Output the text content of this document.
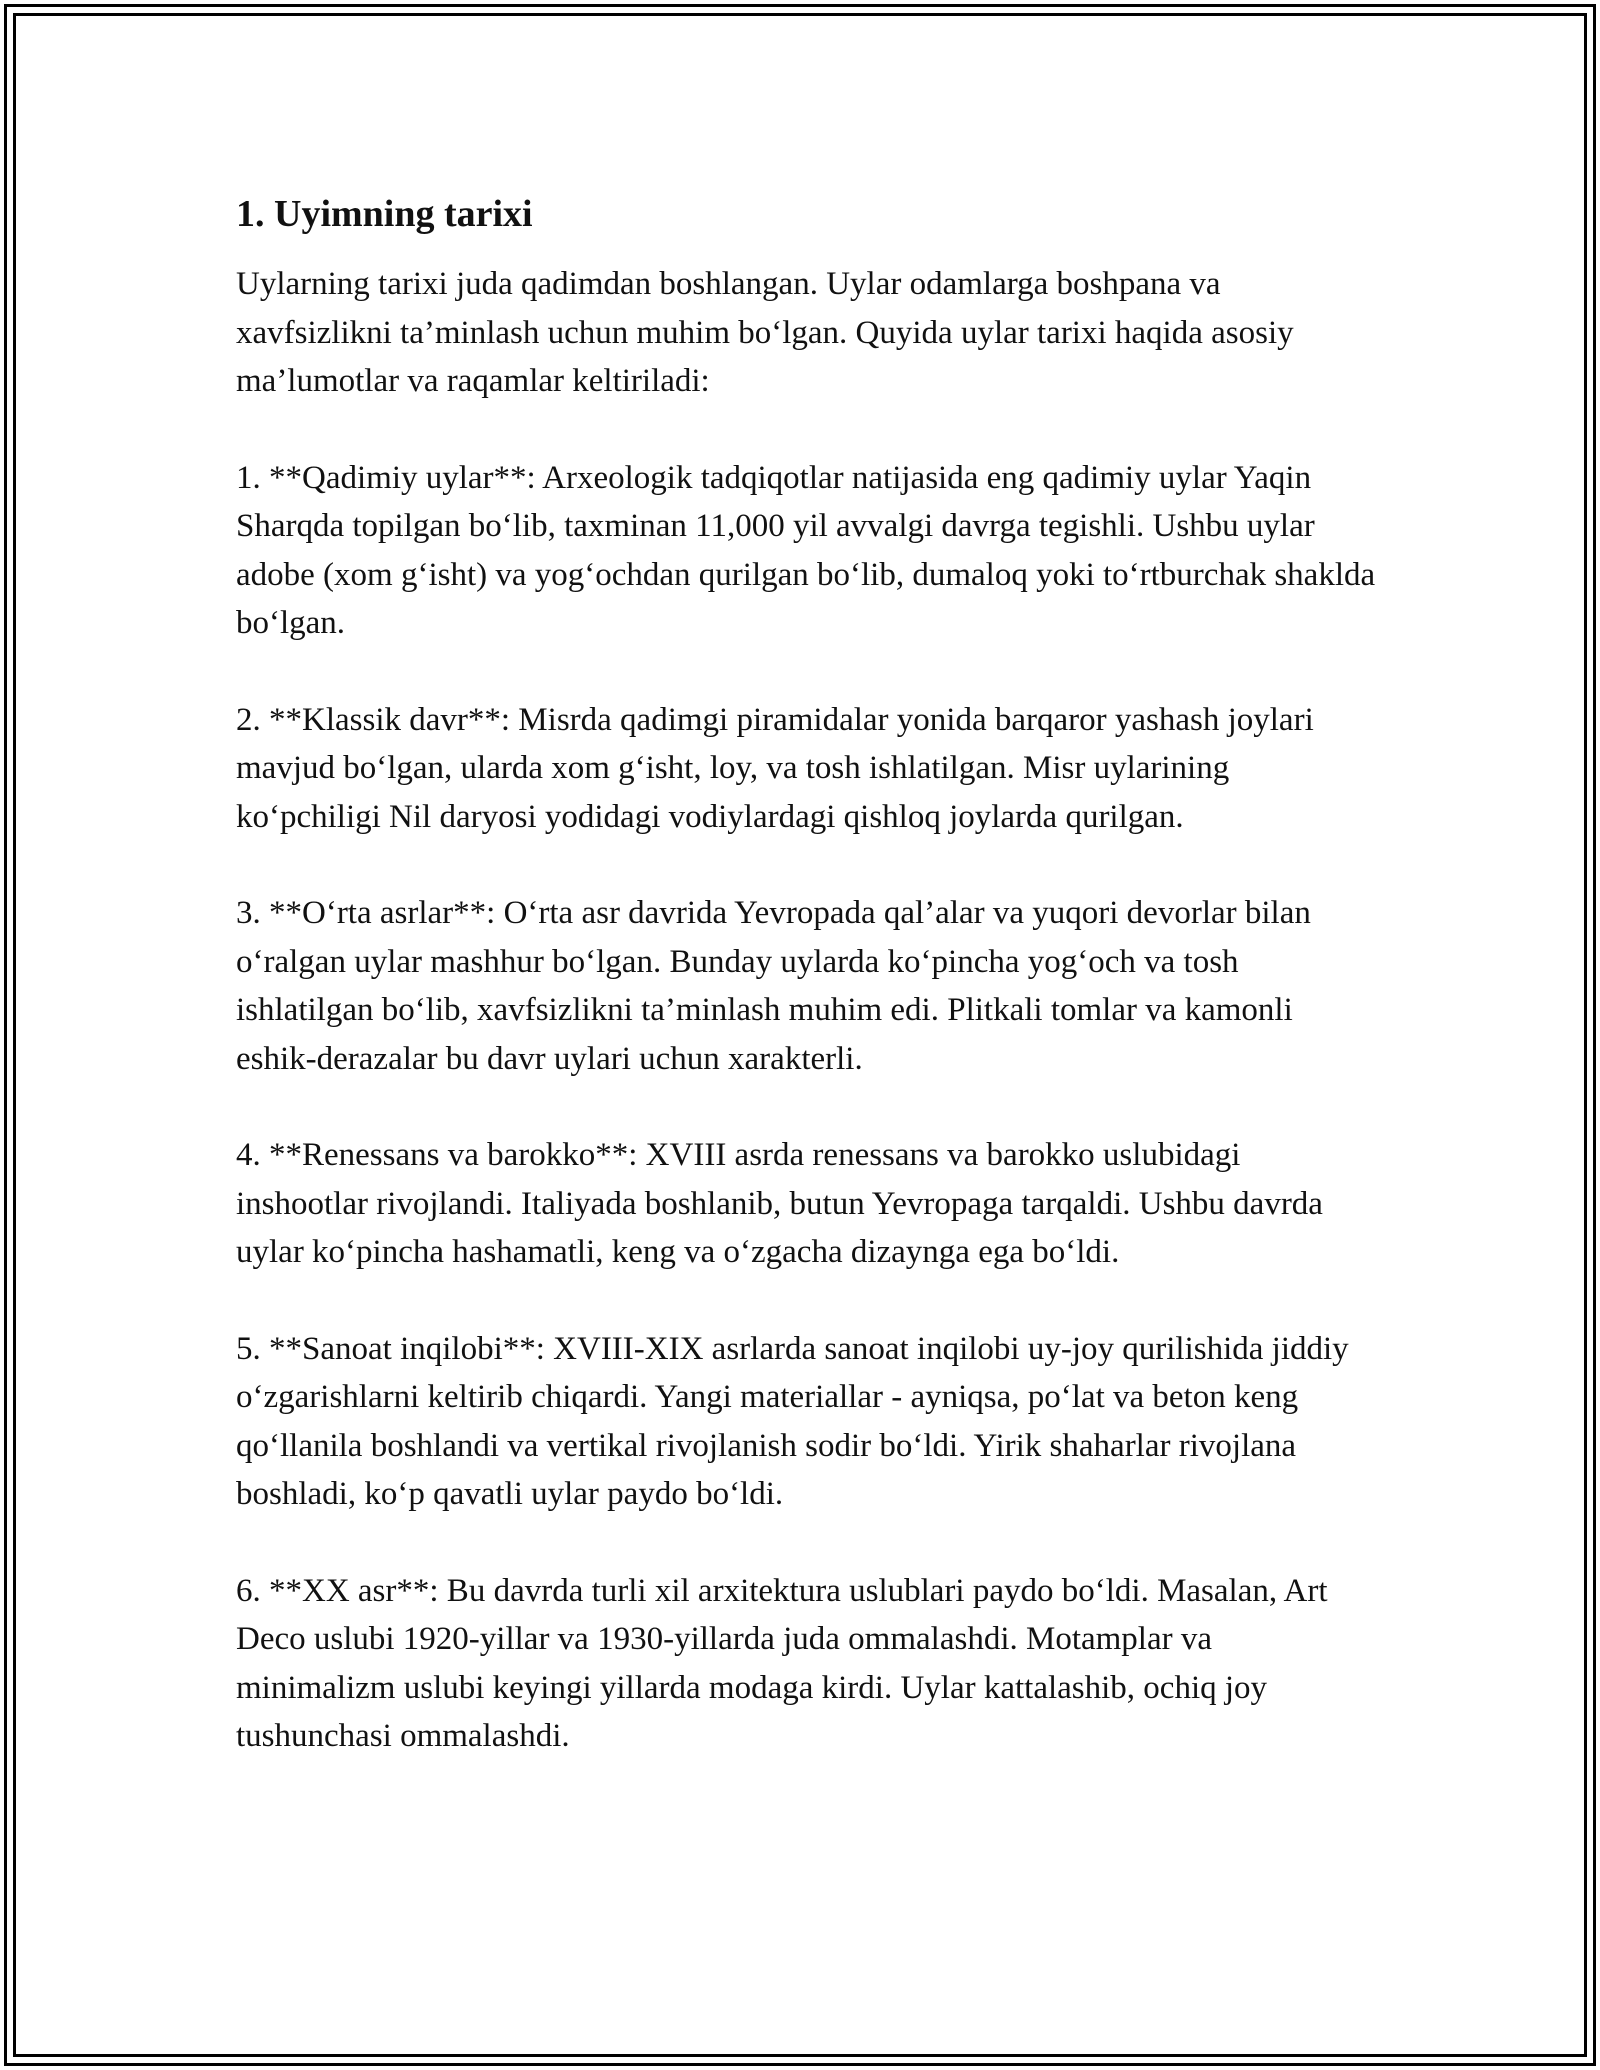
1. Uyimning tarixi

Uylarning tarixi juda qadimdan boshlangan. Uylar odamlarga boshpana va xavfsizlikni ta’minlash uchun muhim bo‘lgan. Quyida uylar tarixi haqida asosiy ma’lumotlar va raqamlar keltiriladi:

1. **Qadimiy uylar**: Arxeologik tadqiqotlar natijasida eng qadimiy uylar Yaqin Sharqda topilgan bo‘lib, taxminan 11,000 yil avvalgi davrga tegishli. Ushbu uylar adobe (xom g‘isht) va yog‘ochdan qurilgan bo‘lib, dumaloq yoki to‘rtburchak shaklda bo‘lgan.

2. **Klassik davr**: Misrda qadimgi piramidalar yonida barqaror yashash joylari mavjud bo‘lgan, ularda xom g‘isht, loy, va tosh ishlatilgan. Misr uylarining ko‘pchiligi Nil daryosi yodidagi vodiylardagi qishloq joylarda qurilgan.

3. **O‘rta asrlar**: O‘rta asr davrida Yevropada qal’alar va yuqori devorlar bilan o‘ralgan uylar mashhur bo‘lgan. Bunday uylarda ko‘pincha yog‘och va tosh ishlatilgan bo‘lib, xavfsizlikni ta’minlash muhim edi. Plitkali tomlar va kamonli eshik-derazalar bu davr uylari uchun xarakterli.

4. **Renessans va barokko**: XVIII asrda renessans va barokko uslubidagi inshootlar rivojlandi. Italiyada boshlanib, butun Yevropaga tarqaldi. Ushbu davrda uylar ko‘pincha hashamatli, keng va o‘zgacha dizaynga ega bo‘ldi.

5. **Sanoat inqilobi**: XVIII-XIX asrlarda sanoat inqilobi uy-joy qurilishida jiddiy o‘zgarishlarni keltirib chiqardi. Yangi materiallar - ayniqsa, po‘lat va beton keng qo‘llanila boshlandi va vertikal rivojlanish sodir bo‘ldi. Yirik shaharlar rivojlana boshladi, ko‘p qavatli uylar paydo bo‘ldi.

6. **XX asr**: Bu davrda turli xil arxitektura uslublari paydo bo‘ldi. Masalan, Art Deco uslubi 1920-yillar va 1930-yillarda juda ommalashdi. Motamplar va minimalizm uslubi keyingi yillarda modaga kirdi. Uylar kattalashib, ochiq joy tushunchasi ommalashdi.
